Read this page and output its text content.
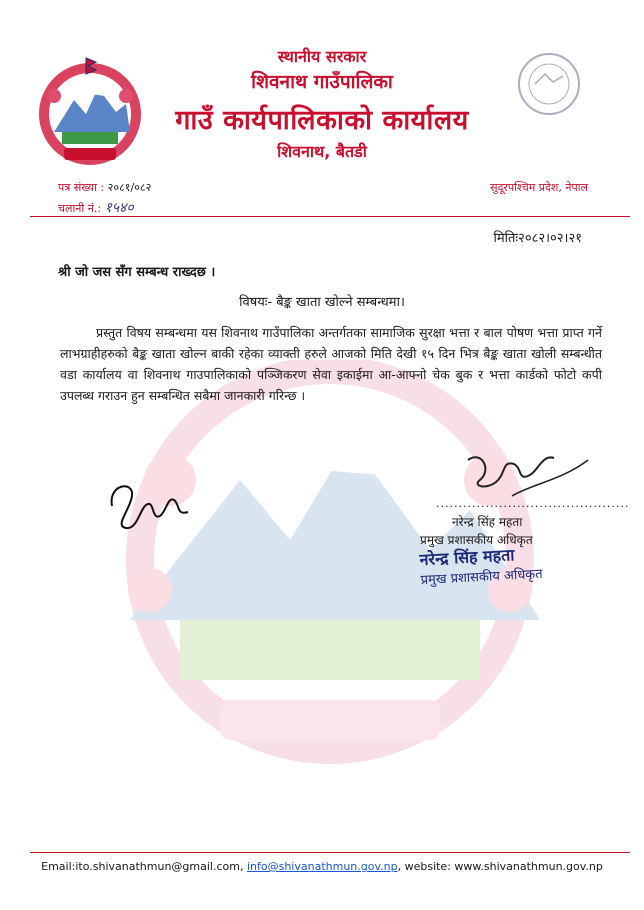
स्थानीय सरकार
शिवनाथ गाउँपालिका
गाउँ कार्यपालिकाको कार्यालय
शिवनाथ, बैतडी
पत्र संख्या : २०८१/०८२
चलानी नं.: १५४०
सुदूरपश्चिम प्रदेश, नेपाल
मितिः२०८२।०२।२१
श्री जो जस सँग सम्बन्ध राख्दछ ।
विषयः- बैङ्क खाता खोल्ने सम्बन्धमा।
प्रस्तुत विषय सम्बन्धमा यस शिवनाथ गाउँपालिका अन्तर्गतका सामाजिक सुरक्षा भत्ता र बाल पोषण भत्ता प्राप्त गर्ने लाभग्राहीहरुको बैङ्क खाता खोल्न बाकी रहेका व्याक्ती हरुले आजको मिति देखी १५ दिन भित्र बैङ्क खाता खोली सम्बन्धीत वडा कार्यालय वा शिवनाथ गाउपालिकाको पञ्जिकरण सेवा इकाईमा आ-आफ्नो चेक बुक र भत्ता कार्डको फोटो कपी उपलब्ध गराउन हुन सम्बन्धित सबैमा जानकारी गरिन्छ ।
...........................................
नरेन्द्र सिंह महता
प्रमुख प्रशासकीय अधिकृत
नरेन्द्र सिंह महता
प्रमुख प्रशासकीय अधिकृत
Email:ito.shivanathmun@gmail.com, info@shivanathmun.gov.np, website: www.shivanathmun.gov.np
